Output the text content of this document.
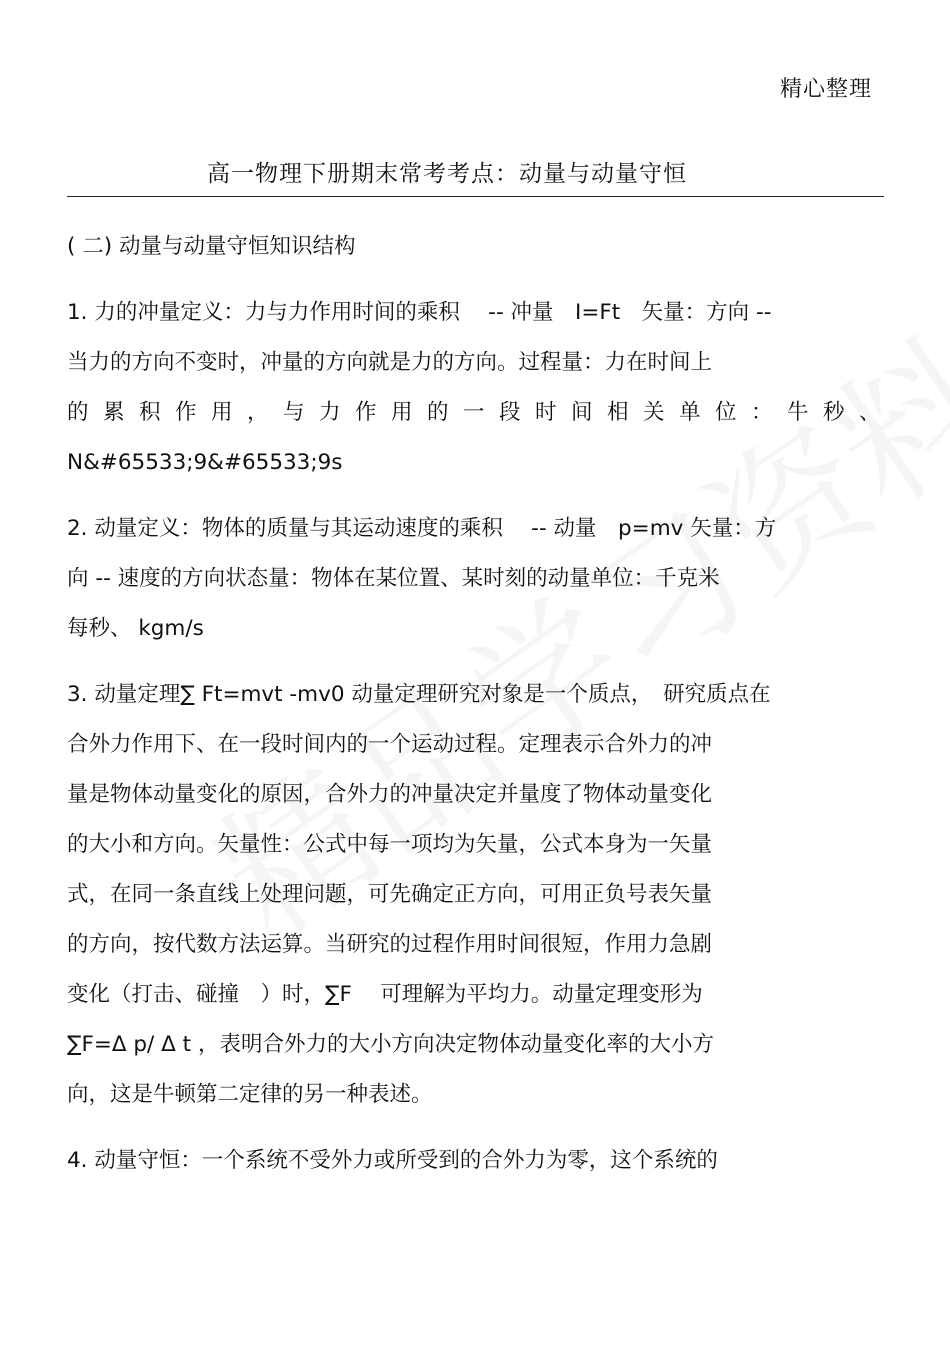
精心整理
高一物理下册期末常考考点：动量与动量守恒
( 二) 动量与动量守恒知识结构
1. 力的冲量定义：力与力作用时间的乘积　 -- 冲量　I=Ft　矢量：方向 --
当力的方向不变时，冲量的方向就是力的方向。过程量：力在时间上
的累积作用，与力作用的一段时间相关单位：牛秒、
N&#65533;9&#65533;9s
2. 动量定义：物体的质量与其运动速度的乘积　 -- 动量　p=mv 矢量：方
向 -- 速度的方向状态量：物体在某位置、某时刻的动量单位：千克米
每秒、 kgm/s
3. 动量定理∑ Ft=mvt -mv0 动量定理研究对象是一个质点，　研究质点在
合外力作用下、在一段时间内的一个运动过程。定理表示合外力的冲
量是物体动量变化的原因，合外力的冲量决定并量度了物体动量变化
的大小和方向。矢量性：公式中每一项均为矢量，公式本身为一矢量
式，在同一条直线上处理问题，可先确定正方向，可用正负号表矢量
的方向，按代数方法运算。当研究的过程作用时间很短，作用力急剧
变化（打击、碰撞　）时，∑F　 可理解为平均力。动量定理变形为
∑F=Δ p/ Δ t ，表明合外力的大小方向决定物体动量变化率的大小方
向，这是牛顿第二定律的另一种表述。
4. 动量守恒：一个系统不受外力或所受到的合外力为零，这个系统的
